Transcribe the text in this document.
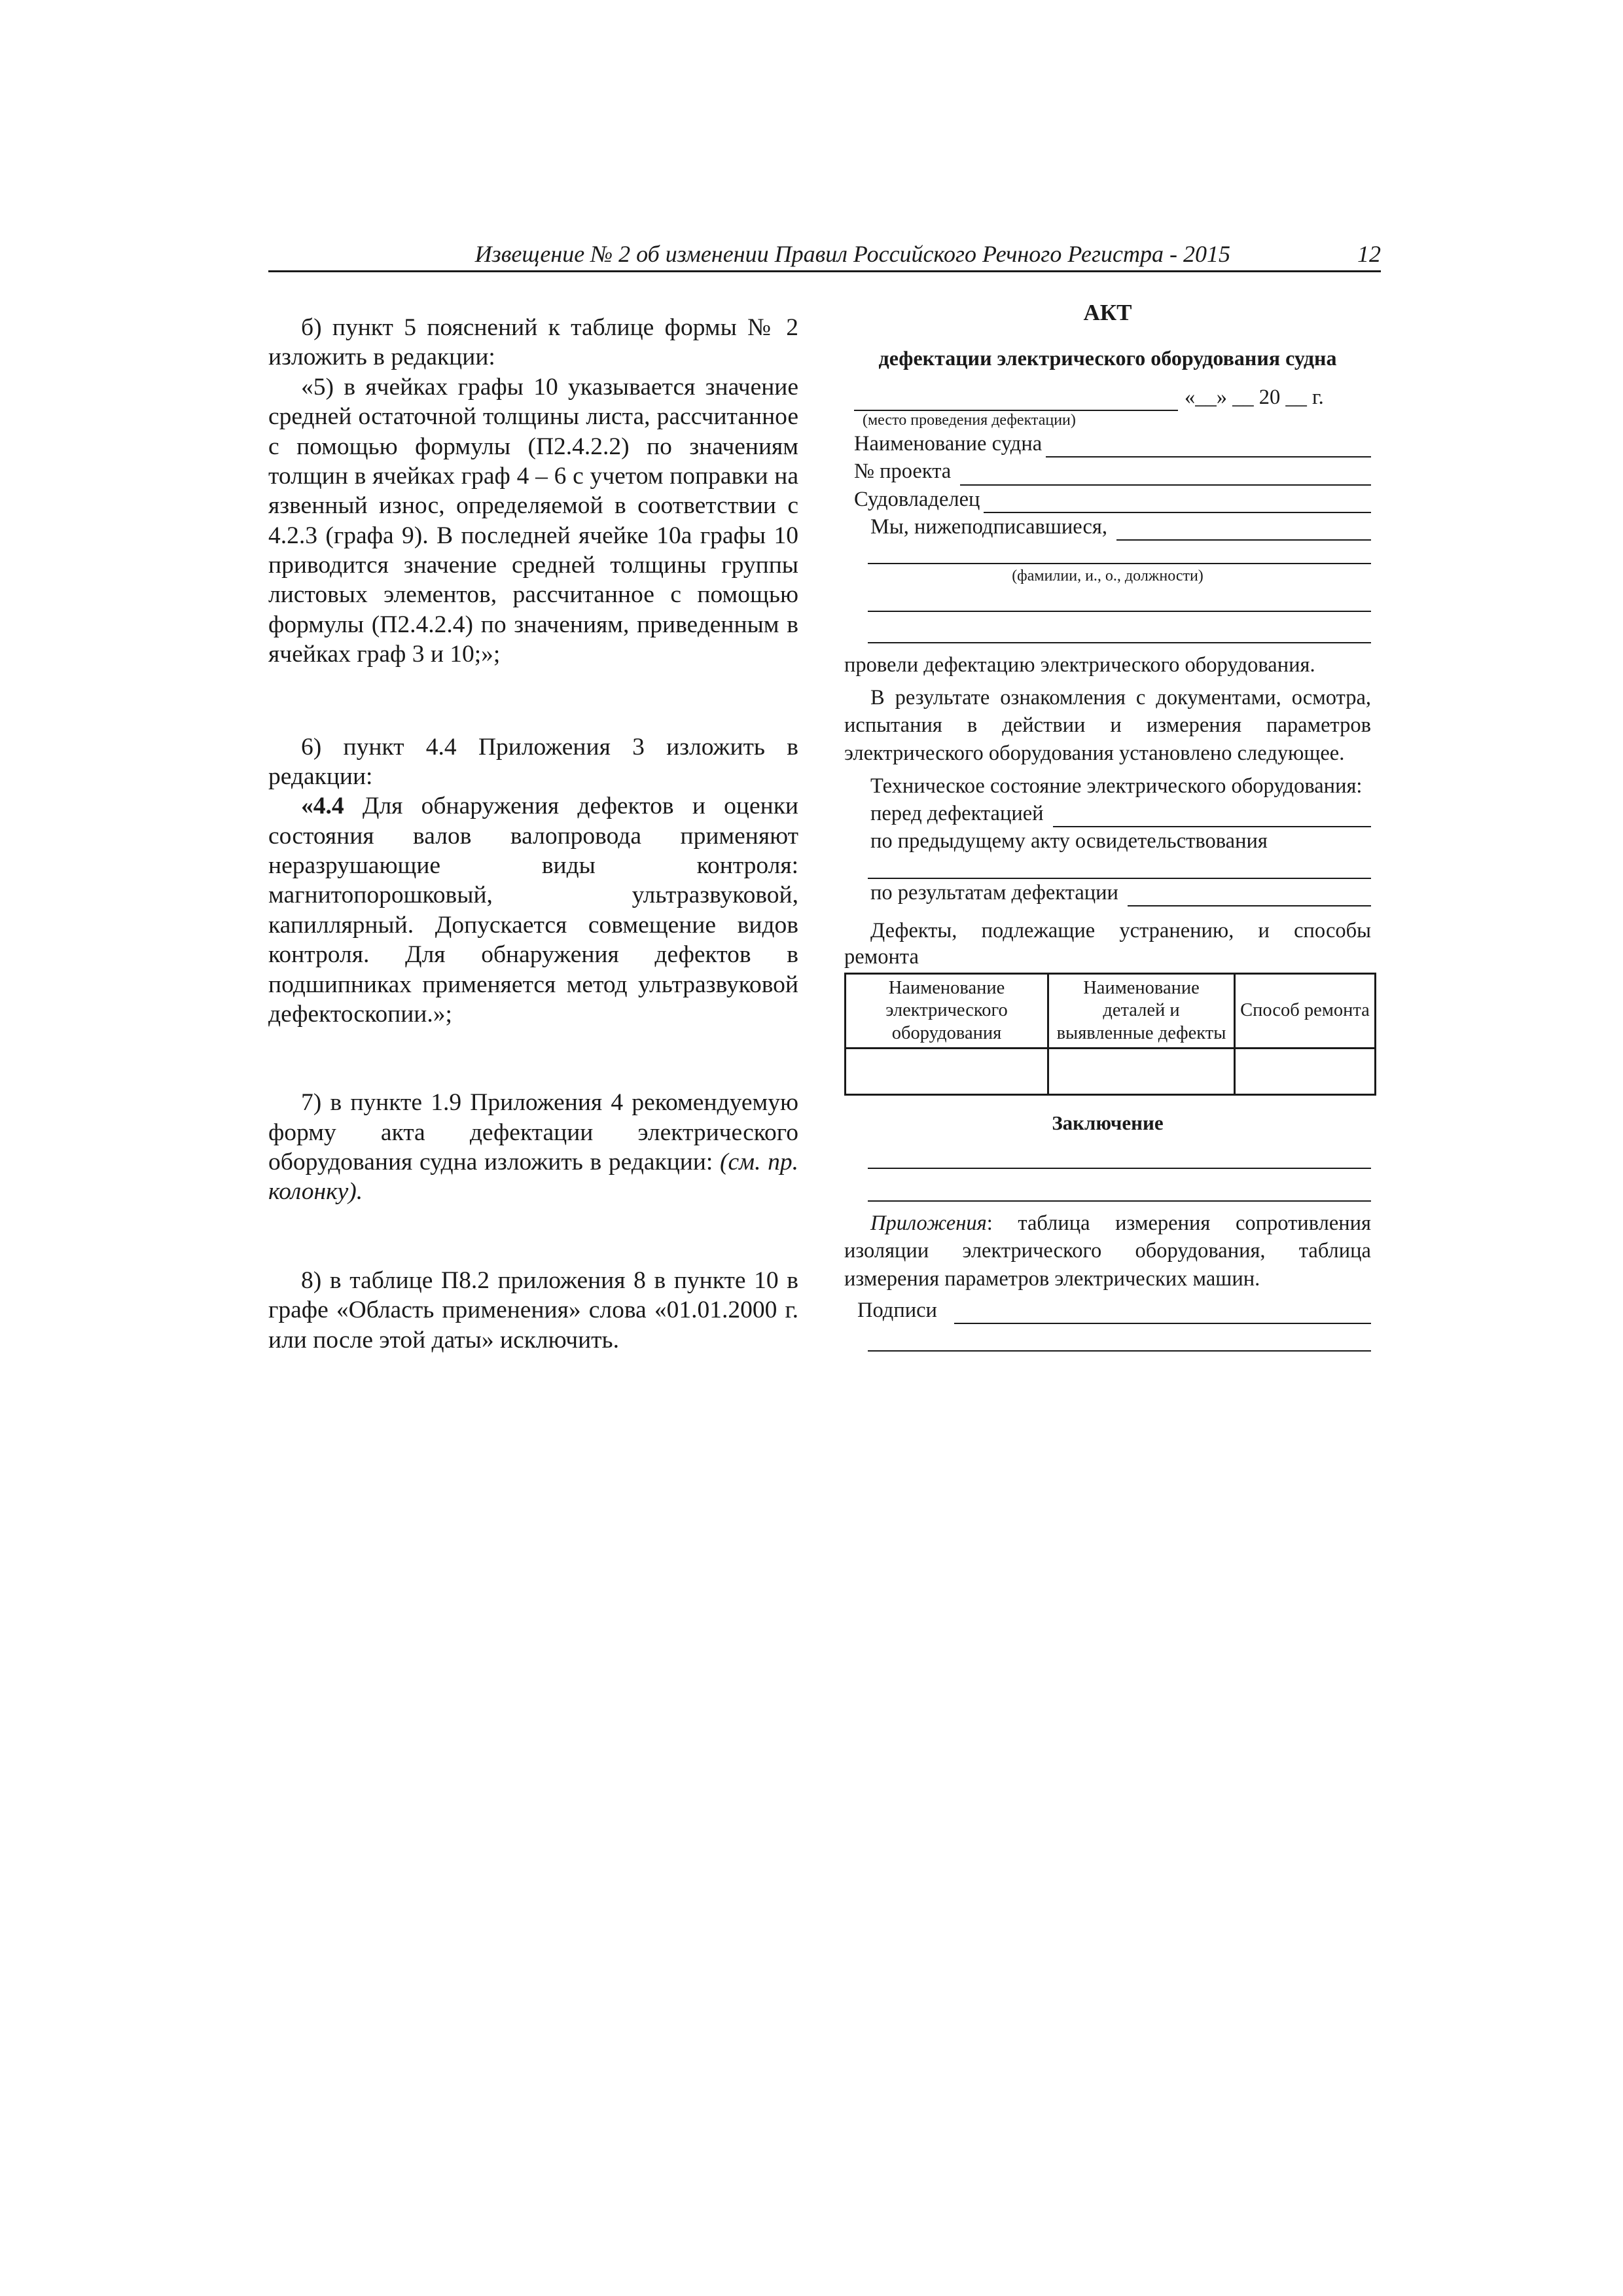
Извещение № 2 об изменении Правил Российского Речного Регистра - 2015	12

б) пункт 5 пояснений к таблице формы № 2 изложить в редакции:

«5) в ячейках графы 10 указывается значение средней остаточной толщины листа, рассчитанное с помощью формулы (П2.4.2.2) по значениям толщин в ячейках граф 4 – 6 с учетом поправки на язвенный износ, определяемой в соответствии с 4.2.3 (графа 9). В последней ячейке 10а графы 10 приводится значение средней толщины группы листовых элементов, рассчитанное с помощью формулы (П2.4.2.4) по значениям, приведенным в ячейках граф 3 и 10;»;

6) пункт 4.4 Приложения 3 изложить в редакции:

«4.4 Для обнаружения дефектов и оценки состояния валов валопровода применяют неразрушающие виды контроля: магнитопорошковый, ультразвуковой, капиллярный. Допускается совмещение видов контроля. Для обнаружения дефектов в подшипниках применяется метод ультразвуковой дефектоскопии.»;

7) в пункте 1.9 Приложения 4 рекомендуемую форму акта дефектации электрического оборудования судна изложить в редакции: (см. пр. колонку).

8) в таблице П8.2 приложения 8 в пункте 10 в графе «Область применения» слова «01.01.2000 г. или после этой даты» исключить.

АКТ
дефектации электрического оборудования судна
«__» __ 20 __ г.
(место проведения дефектации)
Наименование судна
№ проекта
Судовладелец
Мы, нижеподписавшиеся,
(фамилии, и., о., должности)

провели дефектацию электрического оборудования.

В результате ознакомления с документами, осмотра, испытания в действии и измерения параметров электрического оборудования установлено следующее.

Техническое состояние электрического оборудования:

перед дефектацией
по предыдущему акту освидетельствования
по результатам дефектации

Дефекты, подлежащие устранению, и способы ремонта

Наименование электрического оборудования	Наименование деталей и выявленные дефекты	Способ ремонта

Заключение

Приложения: таблица измерения сопротивления изоляции электрического оборудования, таблица измерения параметров электрических машин.

Подписи
